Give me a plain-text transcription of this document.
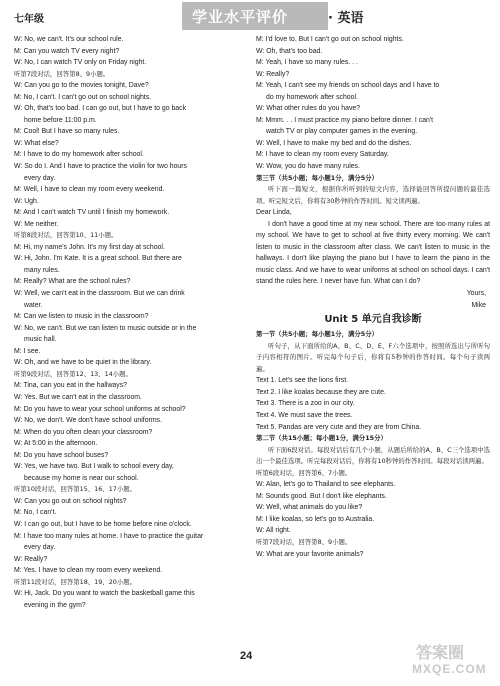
七年级	学业水平评价	· 英语
W: No, we can't. It's our school rule.
M: Can you watch TV every night?
W: No, I can watch TV only on Friday night.
听第7段对话，回答第8、9小题。
W: Can you go to the movies tonight, Dave?
M: No, I can't. I can't go out on school nights.
W: Oh, that's too bad. I can go out, but I have to go back
home before 11:00 p.m.
M: Cool! But I have so many rules.
W: What else?
M: I have to do my homework after school.
W: So do I. And I have to practice the violin for two hours
every day.
M: Well, I have to clean my room every weekend.
W: Ugh.
M: And I can't watch TV until I finish my homework.
W: Me neither.
听第8段对话，回答第10、11小题。
M: Hi, my name's John. It's my first day at school.
W: Hi, John. I'm Kate. It is a great school. But there are
many rules.
M: Really? What are the school rules?
W: Well, we can't eat in the classroom. But we can drink
water.
M: Can we listen to music in the classroom?
W: No, we can't. But we can listen to music outside or in the
music hall.
M: I see.
W: Oh, and we have to be quiet in the library.
听第9段对话，回答第12、13、14小题。
M: Tina, can you eat in the hallways?
W: Yes. But we can't eat in the classroom.
M: Do you have to wear your school uniforms at school?
W: No, we don't. We don't have school uniforms.
M: When do you often clean your classroom?
W: At 5:00 in the afternoon.
M: Do you have school buses?
W: Yes, we have two. But I walk to school every day,
because my home is near our school.
听第10段对话，回答第15、16、17小题。
W: Can you go out on school nights?
M: No, I can't.
W: I can go out, but I have to be home before nine o'clock.
M: I have too many rules at home. I have to practice the guitar
every day.
W: Really?
M: Yes. I have to clean my room every weekend.
听第11段对话，回答第18、19、20小题。
W: Hi, Jack. Do you want to watch the basketball game this
evening in the gym?
M: I'd love to. But I can't go out on school nights.
W: Oh, that's too bad.
M: Yeah, I have so many rules. . .
W: Really?
M: Yeah, I can't see my friends on school days and I have to
do my homework after school.
W: What other rules do you have?
M: Mmm. . . I must practice my piano before dinner. I can't
watch TV or play computer games in the evening.
W: Well, I have to make my bed and do the dishes.
M: I have to clean my room every Saturday.
W: Wow, you do have many rules.
第三节（共5小题；每小题1分，满分5分）
听下面一篇短文，根据你所听到的短文内容，选择能回答所提问题的最佳选项。听完短文后，你将有30秒钟的作答时间。短文读两遍。
Dear Linda,
I don't have a good time at my new school. There are too many rules at my school. We have to get to school at five thirty every morning. We can't listen to music in the classroom after class. We can't listen to music in the hallways. I don't like playing the piano but I have to learn the piano in the music class. And we have to wear uniforms at school on school days. I can't stand the rules here. I never have fun. What can I do?
Yours,
Mike
Unit 5 单元自我诊断
第一节（共5小题；每小题1分，满分5分）
听句子，从下面所给的A、B、C、D、E、F六个选项中，按照所选出与所听句子内容相符的图片。听完每个句子后，你将有5秒钟的作答时间。每个句子读两遍。
Text 1. Let's see the lions first.
Text 2. I like koalas because they are cute.
Text 3. There is a zoo in our city.
Text 4. We must save the trees.
Text 5. Pandas are very cute and they are from China.
第二节（共15小题；每小题1分，满分15分）
听下面6段对话。每段对话后有几个小题，从题后所给的A、B、C三个选项中选出一个最佳选项。听完每段对话后，你将有10秒钟的作答时间。每段对话读两遍。
听第6段对话，回答第6、7小题。
W: Alan, let's go to Thailand to see elephants.
M: Sounds good. But I don't like elephants.
W: Well, what animals do you like?
M: I like koalas, so let's go to Australia.
W: All right.
听第7段对话，回答第8、9小题。
W: What are your favorite animals?
24	答案圈
MXQE.COM
